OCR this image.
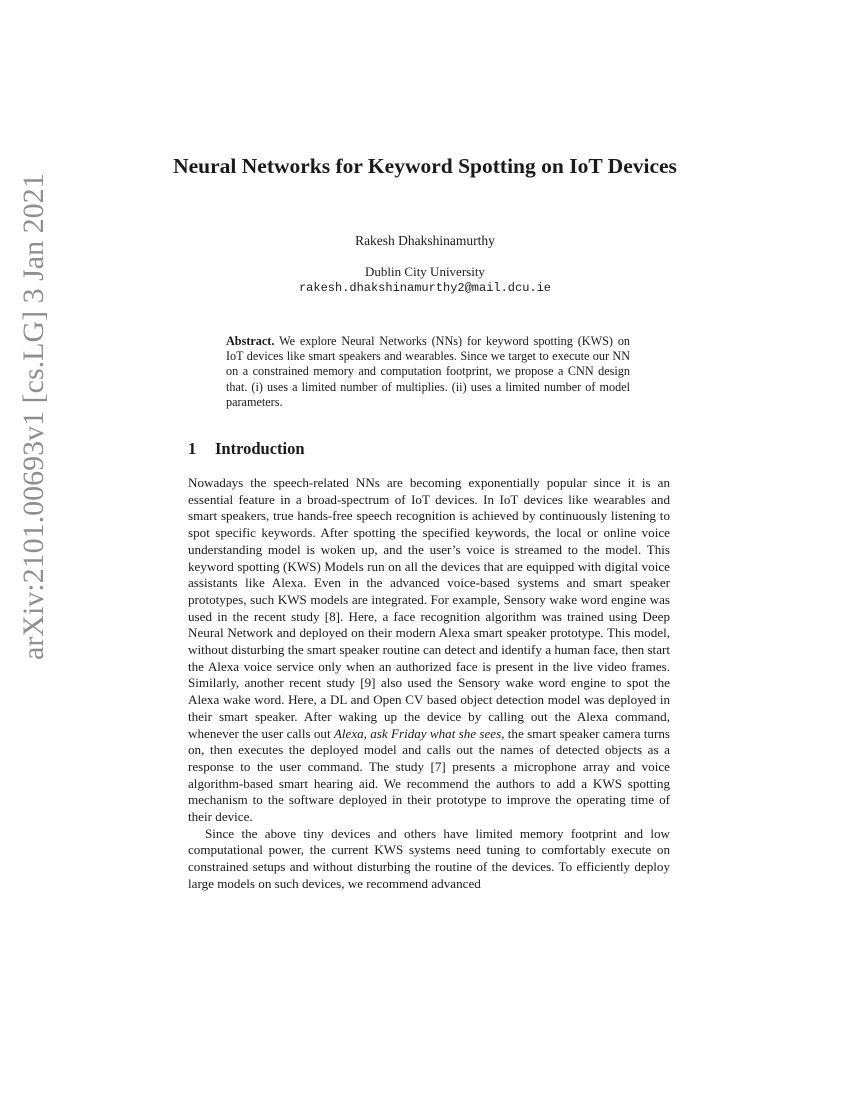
arXiv:2101.00693v1 [cs.LG] 3 Jan 2021
Neural Networks for Keyword Spotting on IoT Devices
Rakesh Dhakshinamurthy
Dublin City University
rakesh.dhakshinamurthy2@mail.dcu.ie

Abstract. We explore Neural Networks (NNs) for keyword spotting (KWS) on IoT devices like smart speakers and wearables. Since we target to execute our NN on a constrained memory and computation footprint, we propose a CNN design that. (i) uses a limited number of multiplies. (ii) uses a limited number of model parameters.

1 Introduction

Nowadays the speech-related NNs are becoming exponentially popular since it is an essential feature in a broad-spectrum of IoT devices. In IoT devices like wearables and smart speakers, true hands-free speech recognition is achieved by continuously listening to spot specific keywords. After spotting the specified keywords, the local or online voice understanding model is woken up, and the user’s voice is streamed to the model. This keyword spotting (KWS) Models run on all the devices that are equipped with digital voice assistants like Alexa. Even in the advanced voice-based systems and smart speaker prototypes, such KWS models are integrated. For example, Sensory wake word engine was used in the recent study [8]. Here, a face recognition algorithm was trained using Deep Neural Network and deployed on their modern Alexa smart speaker prototype. This model, without disturbing the smart speaker routine can detect and identify a human face, then start the Alexa voice service only when an authorized face is present in the live video frames. Similarly, another recent study [9] also used the Sensory wake word engine to spot the Alexa wake word. Here, a DL and Open CV based object detection model was deployed in their smart speaker. After waking up the device by calling out the Alexa command, whenever the user calls out Alexa, ask Friday what she sees, the smart speaker camera turns on, then executes the deployed model and calls out the names of detected objects as a response to the user command. The study [7] presents a microphone array and voice algorithm-based smart hearing aid. We recommend the authors to add a KWS spotting mechanism to the software deployed in their prototype to improve the operating time of their device.

Since the above tiny devices and others have limited memory footprint and low computational power, the current KWS systems need tuning to comfortably execute on constrained setups and without disturbing the routine of the devices. To efficiently deploy large models on such devices, we recommend advanced
